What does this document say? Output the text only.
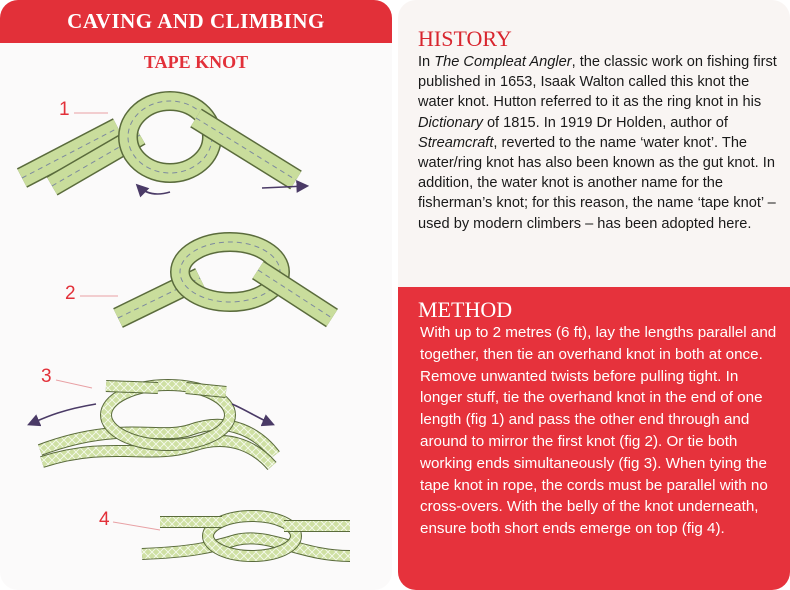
CAVING AND CLIMBING
TAPE KNOT
1
2
3
4
HISTORY
In The Compleat Angler, the classic work on fishing first published in 1653, Isaak Walton called this knot the water knot. Hutton referred to it as the ring knot in his Dictionary of 1815. In 1919 Dr Holden, author of Streamcraft, reverted to the name ‘water knot’. The water/ring knot has also been known as the gut knot. In addition, the water knot is another name for the fisherman’s knot; for this reason, the name ‘tape knot’ – used by modern climbers – has been adopted here.
METHOD
With up to 2 metres (6 ft), lay the lengths parallel and together, then tie an overhand knot in both at once. Remove unwanted twists before pulling tight. In longer stuff, tie the overhand knot in the end of one length (fig 1) and pass the other end through and around to mirror the first knot (fig 2). Or tie both working ends simultaneously (fig 3). When tying the tape knot in rope, the cords must be parallel with no cross-overs. With the belly of the knot underneath, ensure both short ends emerge on top (fig 4).
